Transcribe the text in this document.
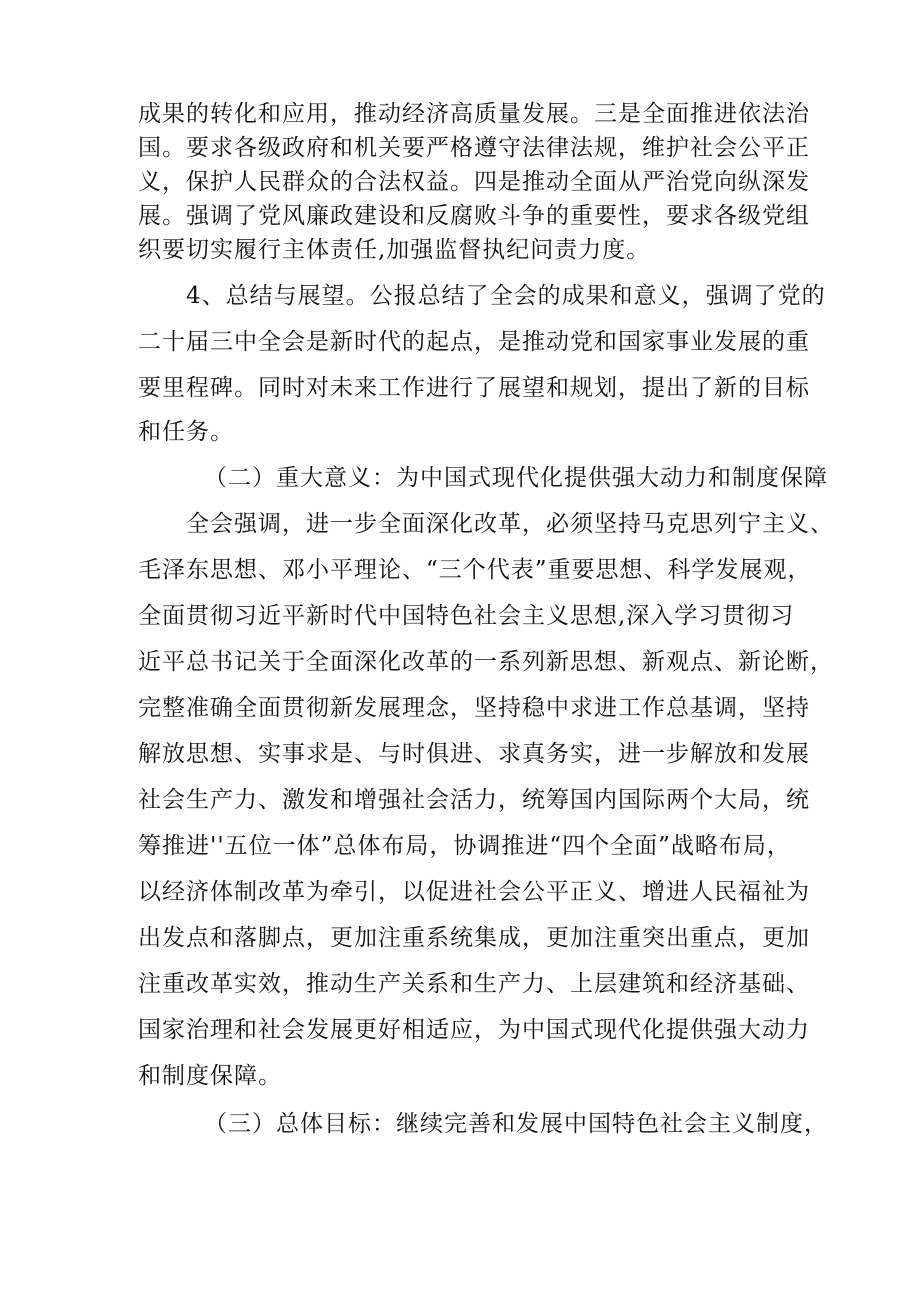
成果的转化和应用，推动经济高质量发展。三是全面推进依法治
国。要求各级政府和机关要严格遵守法律法规，维护社会公平正
义，保护人民群众的合法权益。四是推动全面从严治党向纵深发
展。强调了党风廉政建设和反腐败斗争的重要性，要求各级党组
织要切实履行主体责任,加强监督执纪问责力度。
4、总结与展望。公报总结了全会的成果和意义，强调了党的
二十届三中全会是新时代的起点，是推动党和国家事业发展的重
要里程碑。同时对未来工作进行了展望和规划，提出了新的目标
和任务。
（二）重大意义：为中国式现代化提供强大动力和制度保障
全会强调，进一步全面深化改革，必须坚持马克思列宁主义、
毛泽东思想、邓小平理论、“三个代表”重要思想、科学发展观，
全面贯彻习近平新时代中国特色社会主义思想,深入学习贯彻习
近平总书记关于全面深化改革的一系列新思想、新观点、新论断，
完整准确全面贯彻新发展理念，坚持稳中求进工作总基调，坚持
解放思想、实事求是、与时俱进、求真务实，进一步解放和发展
社会生产力、激发和增强社会活力，统筹国内国际两个大局，统
筹推进''五位一体”总体布局，协调推进“四个全面”战略布局，
以经济体制改革为牵引，以促进社会公平正义、增进人民福祉为
出发点和落脚点，更加注重系统集成，更加注重突出重点，更加
注重改革实效，推动生产关系和生产力、上层建筑和经济基础、
国家治理和社会发展更好相适应，为中国式现代化提供强大动力
和制度保障。
（三）总体目标：继续完善和发展中国特色社会主义制度，
